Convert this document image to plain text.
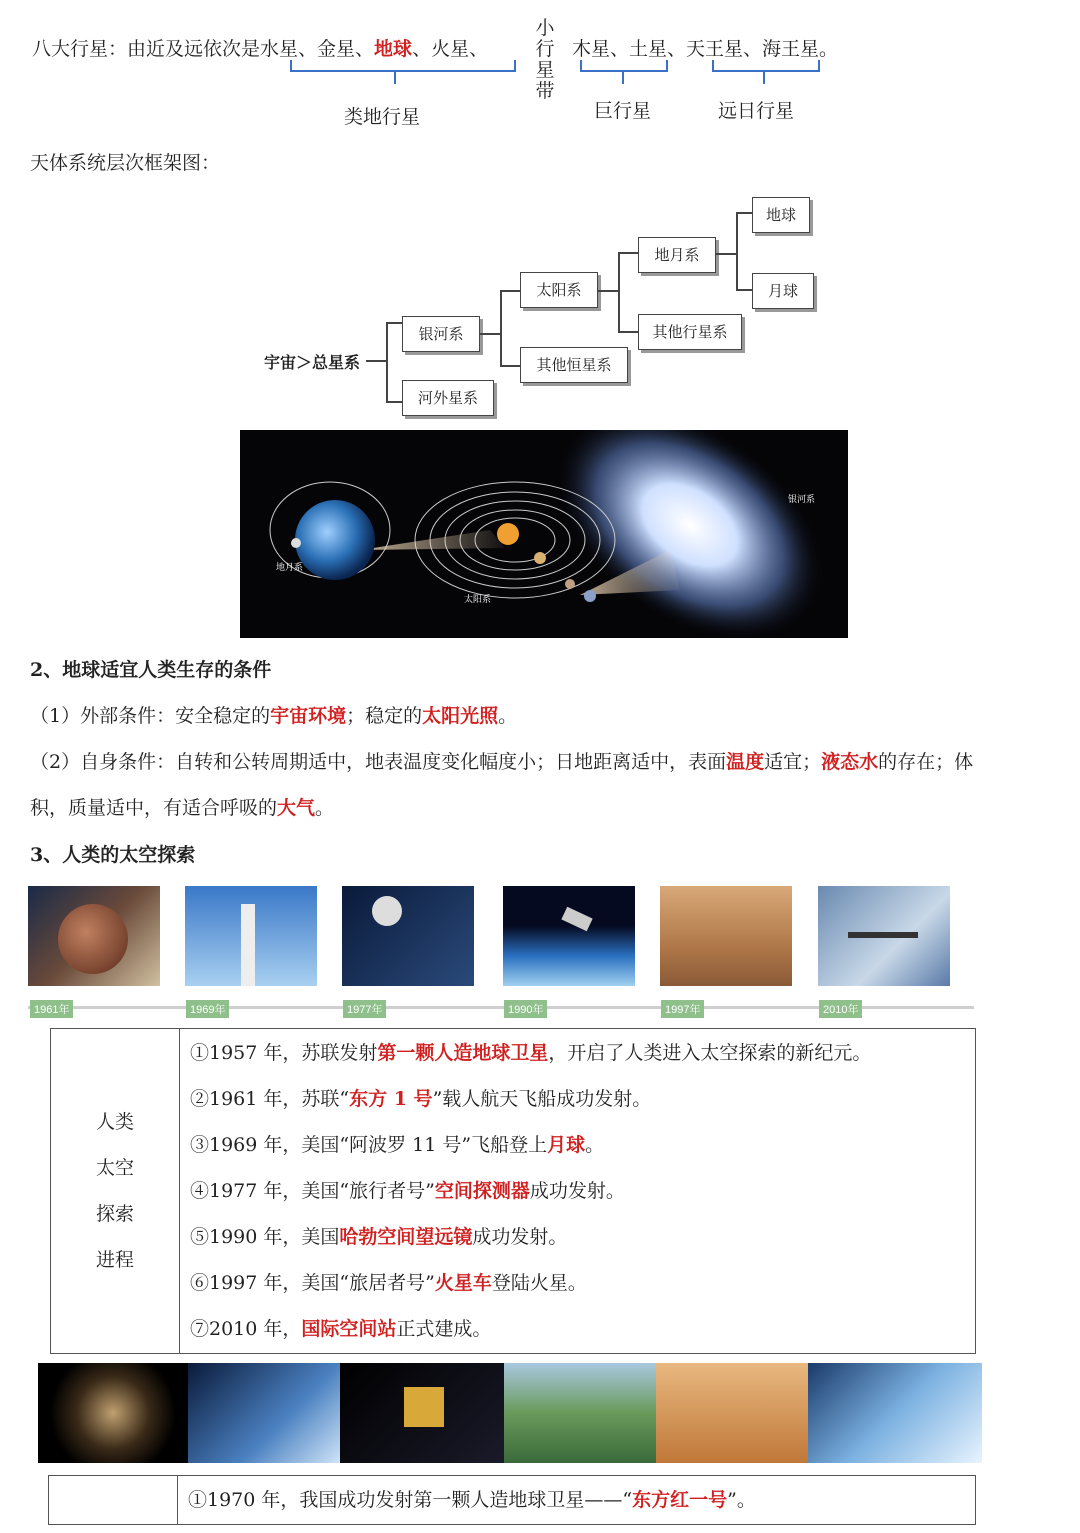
八大行星：由近及远依次是水星、金星、地球、火星、
小
行
星
带
木星、土星、天王星、海王星。
类地行星	巨行星	远日行星
天体系统层次框架图：
宇宙＞总星系
银河系
河外星系
太阳系
其他恒星系
地月系
其他行星系
地球
月球
地月系
太阳系
银河系
2、地球适宜人类生存的条件
（1）外部条件：安全稳定的宇宙环境；稳定的太阳光照。
（2）自身条件：自转和公转周期适中，地表温度变化幅度小；日地距离适中，表面温度适宜；液态水的存在；体
积，质量适中，有适合呼吸的大气。
3、人类的太空探索
1961年	1969年	1977年	1990年	1997年	2010年
人类
太空
探索
进程

①1957 年，苏联发射第一颗人造地球卫星，开启了人类进入太空探索的新纪元。
②1961 年，苏联“东方 1 号”载人航天飞船成功发射。
③1969 年，美国“阿波罗 11 号”飞船登上月球。
④1977 年，美国“旅行者号”空间探测器成功发射。
⑤1990 年，美国哈勃空间望远镜成功发射。
⑥1997 年，美国“旅居者号”火星车登陆火星。
⑦2010 年，国际空间站正式建成。

①1970 年，我国成功发射第一颗人造地球卫星——“东方红一号”。
